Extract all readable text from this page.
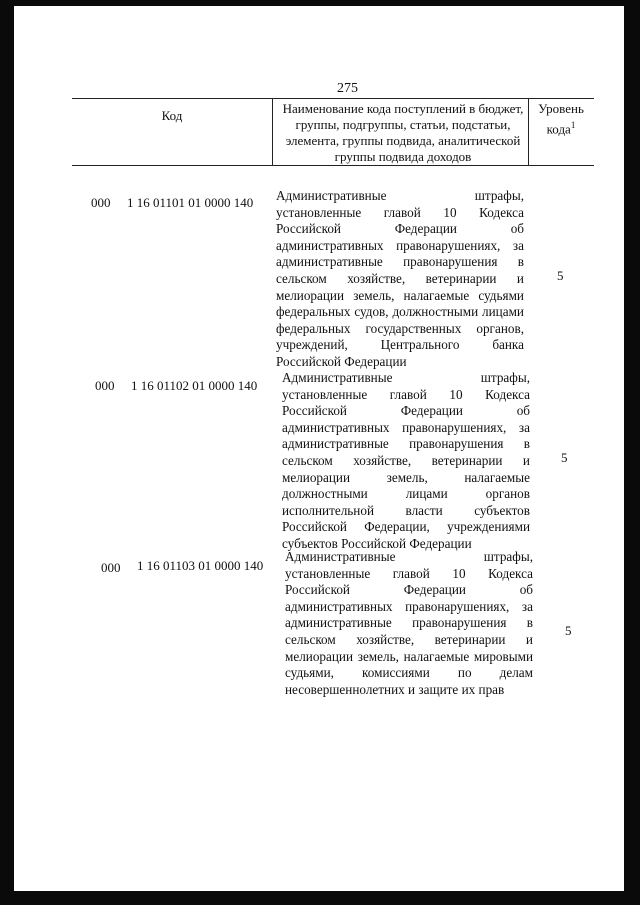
275
Код	Наименование кода поступлений в бюджет, группы, подгруппы, статьи, подстатьи, элемента, группы подвида, аналитической группы подвида доходов
Уровень кода$^1$
000 1 16 01101 01 0000 140 Административные штрафы, установленные главой 10 Кодекса Российской Федерации об административных правонарушениях, за административные правонарушения в сельском хозяйстве, ветеринарии и мелиорации земель, налагаемые судьями федеральных судов, должностными лицами федеральных государственных органов, учреждений, Центрального банка Российской Федерации
5
000 1 16 01102 01 0000 140
Административные штрафы, установленные главой 10 Кодекса Российской Федерации об административных правонарушениях, за административные правонарушения в сельском хозяйстве, ветеринарии и мелиорации земель, налагаемые должностными лицами органов исполнительной власти субъектов Российской Федерации, учреждениями субъектов Российской Федерации
5
000 1 16 01103 01 0000 140
Административные штрафы, установленные главой 10 Кодекса Российской Федерации об административных правонарушениях, за административные правонарушения в сельском хозяйстве, ветеринарии и мелиорации земель, налагаемые мировыми судьями, комиссиями по делам несовершеннолетних и защите их прав
5
